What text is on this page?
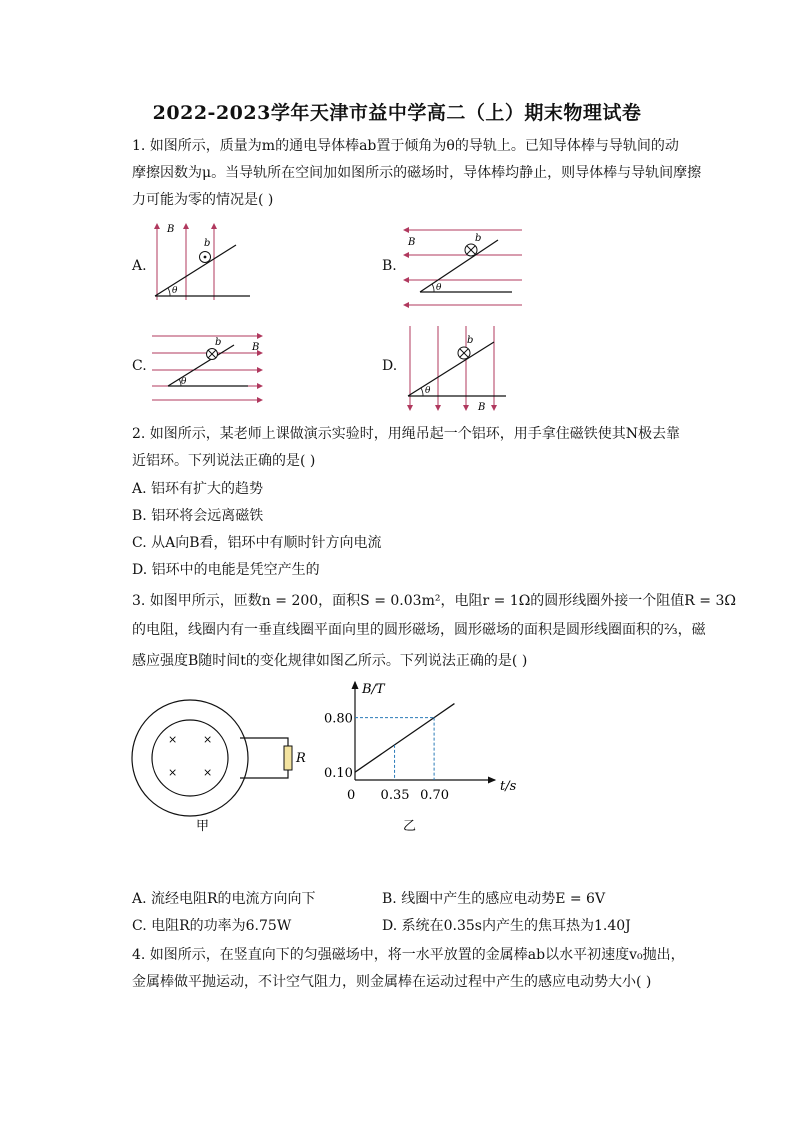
2022-2023学年天津市益中学高二（上）期末物理试卷
1. 如图所示，质量为m的通电导体棒ab置于倾角为θ的导轨上。已知导体棒与导轨间的动
摩擦因数为μ。当导轨所在空间加如图所示的磁场时，导体棒均静止，则导体棒与导轨间摩擦
力可能为零的情况是( )
A.	B.
C.	D.
θ
b
B
θ
b
B
θ
b	B
θ
b
B
× ×
× ×
R
甲
B/T
t/s
乙
0 0.35 0.70
0.10
0.80
2. 如图所示，某老师上课做演示实验时，用绳吊起一个铝环，用手拿住磁铁使其N极去靠
近铝环。下列说法正确的是( )
A. 铝环有扩大的趋势
B. 铝环将会远离磁铁
C. 从A向B看，铝环中有顺时针方向电流
D. 铝环中的电能是凭空产生的
3. 如图甲所示，匝数n = 200，面积S = 0.03m²，电阻r = 1Ω的圆形线圈外接一个阻值R = 3Ω
的电阻，线圈内有一垂直线圈平面向里的圆形磁场，圆形磁场的面积是圆形线圈面积的⅔，磁
感应强度B随时间t的变化规律如图乙所示。下列说法正确的是( )
A. 流经电阻R的电流方向向下	B. 线圈中产生的感应电动势E = 6V
C. 电阻R的功率为6.75W	D. 系统在0.35s内产生的焦耳热为1.40J
4. 如图所示，在竖直向下的匀强磁场中，将一水平放置的金属棒ab以水平初速度v₀抛出，
金属棒做平抛运动，不计空气阻力，则金属棒在运动过程中产生的感应电动势大小( )
